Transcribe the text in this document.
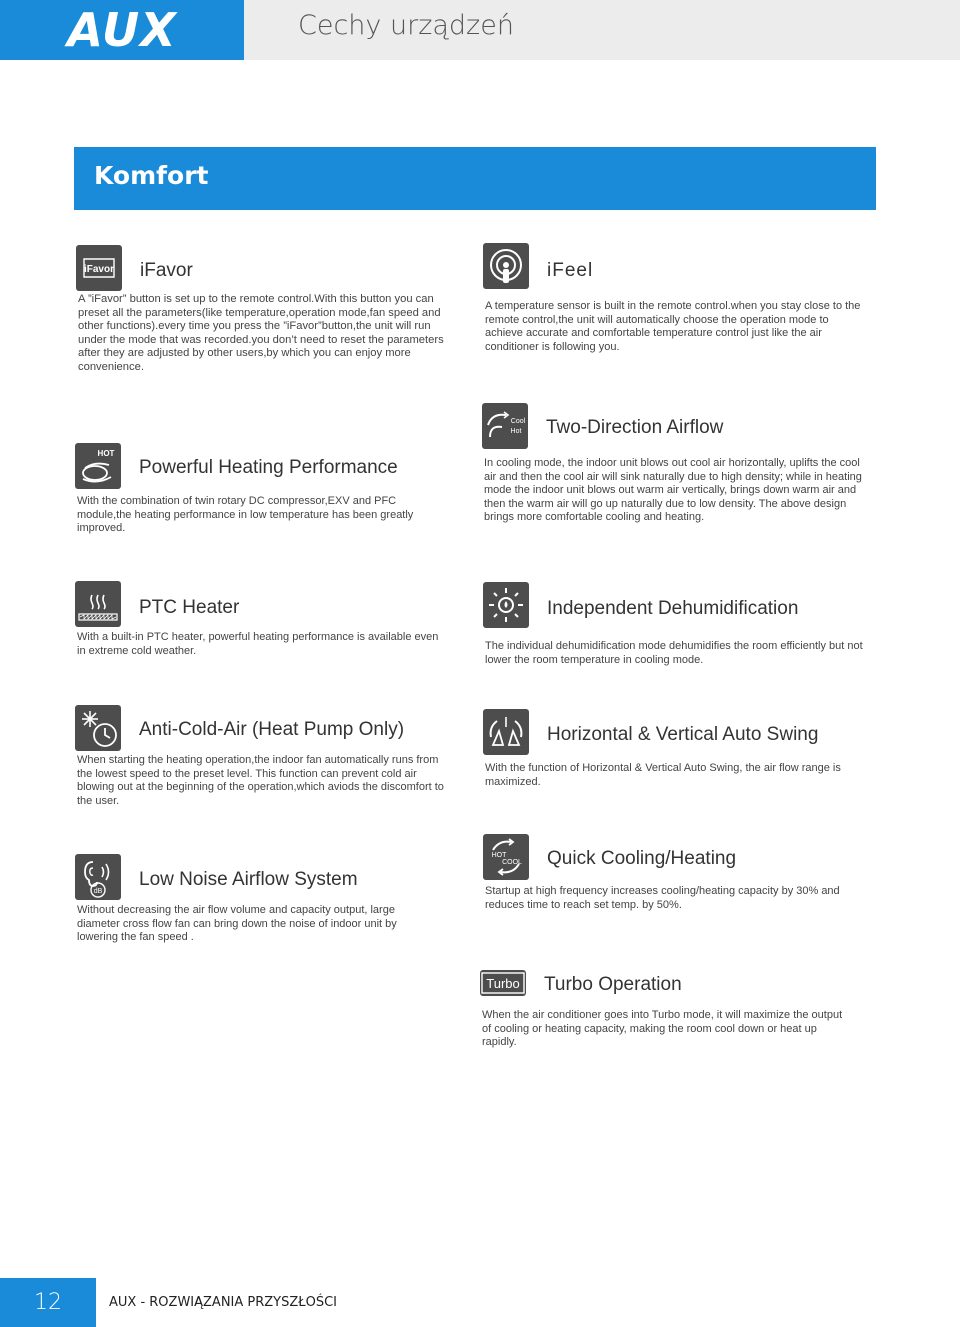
AUX	Cechy urządzeń
Komfort
iFavor iFavor
A ”iFavor” button is set up to the remote control.With this button you can preset all the parameters(like temperature,operation mode,fan speed and other functions).every time you press the ”iFavor”button,the unit will run under the mode that was recorded.you don’t need to reset the parameters after they are adjusted by other users,by which you can enjoy more convenience.
iFeel
A temperature sensor is built in the remote control.when you stay close to the remote control,the unit will automatically choose the operation mode to achieve accurate and comfortable temperature control just like the air conditioner is following you.
Cool
Hot Two-Direction Airflow
In cooling mode, the indoor unit blows out cool air horizontally, uplifts the cool air and then the cool air will sink naturally due to high density; while in heating mode the indoor unit blows out warm air vertically, brings down warm air and then the warm air will go up naturally due to low density. The above design brings more comfortable cooling and heating.
HOT
Powerful Heating Performance
With the combination of twin rotary DC compressor,EXV and PFC module,the heating performance in low temperature has been greatly improved.
PTC Heater
With a built-in PTC heater, powerful heating performance is available even in extreme cold weather.
Independent Dehumidification
The individual dehumidification mode dehumidifies the room efficiently but not lower the room temperature in cooling mode.
Anti-Cold-Air (Heat Pump Only)
When starting the heating operation,the indoor fan automatically runs from the lowest speed to the preset level. This function can prevent cold air blowing out at the beginning of the operation,which aviods the discomfort to the user.
Horizontal & Vertical Auto Swing
With the function of Horizontal & Vertical Auto Swing, the air flow range is maximized.
dB
Low Noise Airflow System
Without decreasing the air flow volume and capacity output, large diameter cross flow fan can bring down the noise of indoor unit by lowering the fan speed .
HOT
COOL Quick Cooling/Heating
Startup at high frequency increases cooling/heating capacity by 30% and reduces time to reach set temp. by 50%.
Turbo Turbo Operation
When the air conditioner goes into Turbo mode, it will maximize the output of cooling or heating capacity, making the room cool down or heat up rapidly.
12	AUX - ROZWIĄZANIA PRZYSZŁOŚCI
